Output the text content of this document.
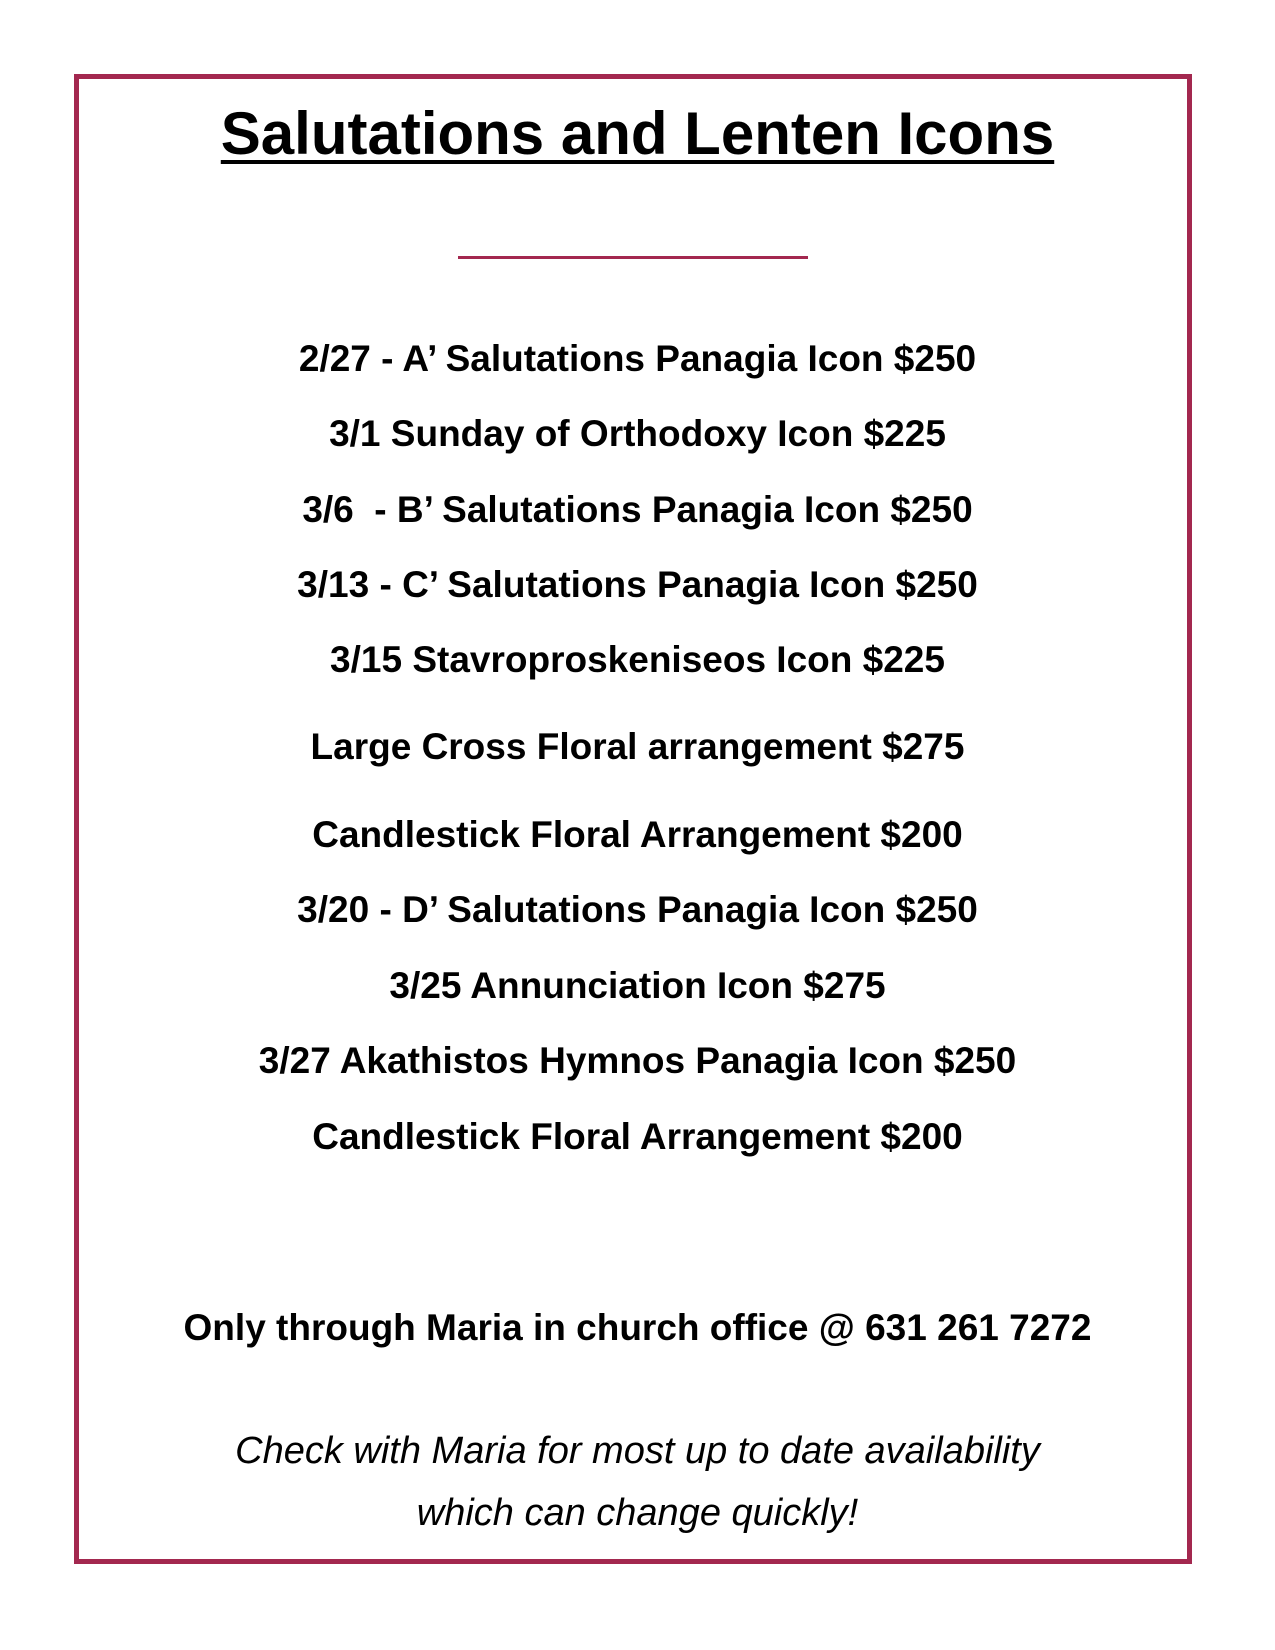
Salutations and Lenten Icons
2/27 - A’ Salutations Panagia Icon $250
3/1 Sunday of Orthodoxy Icon $225
3/6  - B’ Salutations Panagia Icon $250
3/13 - C’ Salutations Panagia Icon $250
3/15 Stavroproskeniseos Icon $225
Large Cross Floral arrangement $275
Candlestick Floral Arrangement $200
3/20 - D’ Salutations Panagia Icon $250
3/25 Annunciation Icon $275
3/27 Akathistos Hymnos Panagia Icon $250
Candlestick Floral Arrangement $200
Only through Maria in church office @ 631 261 7272
Check with Maria for most up to date availability
which can change quickly!
